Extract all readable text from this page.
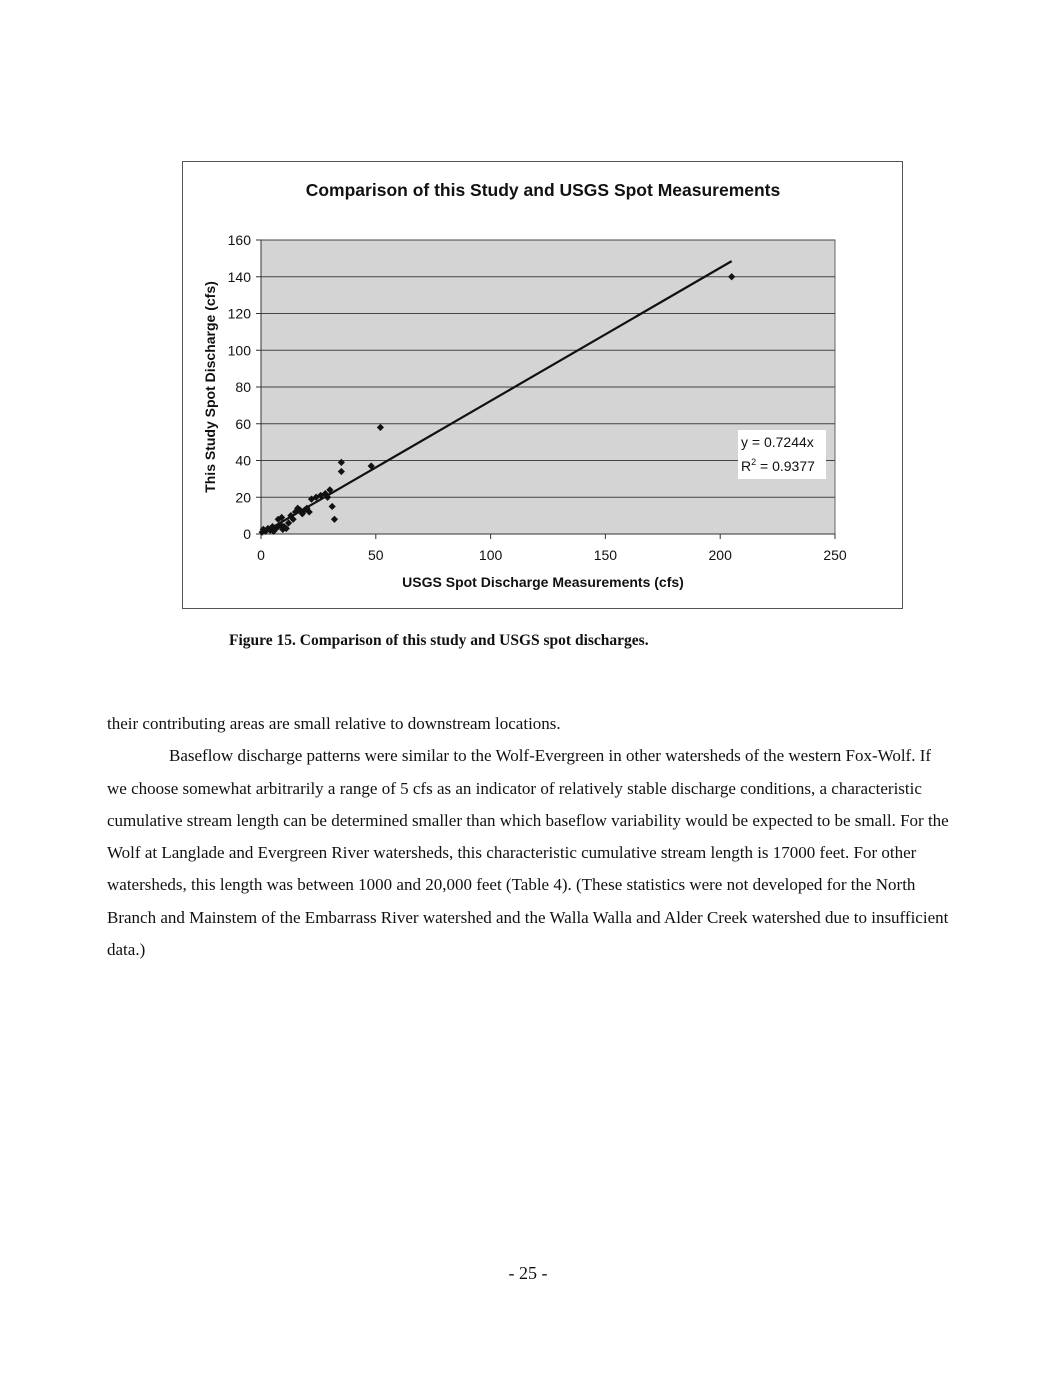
Comparison of this Study and USGS Spot Measurements
0
20
40
60
80
100
120
140
160
0	50	100	150	200	250
y = 0.7244x
$R^2 = 0.9377$
USGS Spot Discharge Measurements (cfs)
This Study Spot Discharge (cfs)
Figure 15. Comparison of this study and USGS spot discharges.

their contributing areas are small relative to downstream locations.

Baseflow discharge patterns were similar to the Wolf-Evergreen in other watersheds of the western Fox-Wolf. If we choose somewhat arbitrarily a range of 5 cfs as an indicator of relatively stable discharge conditions, a characteristic cumulative stream length can be determined smaller than which baseflow variability would be expected to be small. For the Wolf at Langlade and Evergreen River watersheds, this characteristic cumulative stream length is 17000 feet. For other watersheds, this length was between 1000 and 20,000 feet (Table 4). (These statistics were not developed for the North Branch and Mainstem of the Embarrass River watershed and the Walla Walla and Alder Creek watershed due to insufficient data.)

- 25 -
